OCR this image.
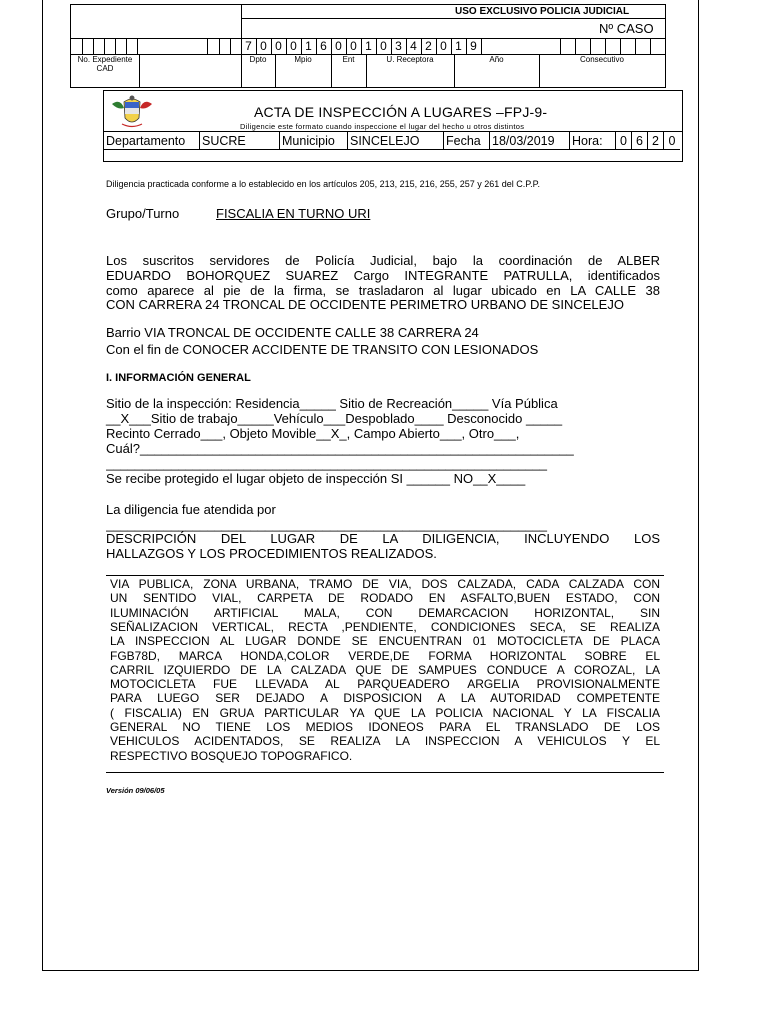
USO EXCLUSIVO POLICIA JUDICIAL
Nº CASO
7 0 0 0 1 6 0 0 1 0 3 4 2 0 1 9
No. Expediente CAD
Dpto	Mpio	Ent	U. Receptora	Año	Consecutivo
ACTA DE INSPECCIÓN A LUGARES –FPJ-9-
Diligencie este formato cuando inspeccione el lugar del hecho u otros distintos
Departamento	SUCRE	Municipio	SINCELEJO	Fecha 18/03/2019	Hora:	0 6 2 0
Diligencia practicada conforme a lo establecido en los artículos 205, 213, 215, 216, 255, 257 y 261 del C.P.P.
Grupo/Turno	FISCALIA EN TURNO URI
Los suscritos servidores de Policía Judicial, bajo la coordinación de ALBER
EDUARDO BOHORQUEZ SUAREZ Cargo INTEGRANTE PATRULLA, identificados
como aparece al pie de la firma, se trasladaron al lugar ubicado en LA CALLE 38
CON CARRERA 24 TRONCAL DE OCCIDENTE PERIMETRO URBANO DE SINCELEJO
Barrio VIA TRONCAL DE OCCIDENTE CALLE 38 CARRERA 24
Con el fin de CONOCER ACCIDENTE DE TRANSITO CON LESIONADOS
I. INFORMACIÓN GENERAL
Sitio de la inspección: Residencia_____ Sitio de Recreación_____ Vía Pública
__X___Sitio de trabajo_____Vehículo___Despoblado____ Desconocido _____
Recinto Cerrado___, Objeto Movible__X_, Campo Abierto___, Otro___,
Cuál?____________________________________________________________
_____________________________________________________________
Se recibe protegido el lugar objeto de inspección SI ______ NO__X____
La diligencia fue atendida por
_____________________________________________________________
DESCRIPCIÓN DEL LUGAR DE LA DILIGENCIA, INCLUYENDO LOS
HALLAZGOS Y LOS PROCEDIMIENTOS REALIZADOS.
VIA PUBLICA, ZONA URBANA, TRAMO DE VIA, DOS CALZADA, CADA CALZADA CON
UN SENTIDO VIAL, CARPETA DE RODADO EN ASFALTO,BUEN ESTADO, CON
ILUMINACIÓN ARTIFICIAL MALA, CON DEMARCACION HORIZONTAL, SIN
SEÑALIZACION VERTICAL, RECTA ,PENDIENTE, CONDICIONES SECA, SE REALIZA
LA INSPECCION AL LUGAR DONDE SE ENCUENTRAN 01 MOTOCICLETA DE PLACA
FGB78D, MARCA HONDA,COLOR VERDE,DE FORMA HORIZONTAL SOBRE EL
CARRIL IZQUIERDO DE LA CALZADA QUE DE SAMPUES CONDUCE A COROZAL, LA
MOTOCICLETA FUE LLEVADA AL PARQUEADERO ARGELIA PROVISIONALMENTE
PARA LUEGO SER DEJADO A DISPOSICION A LA AUTORIDAD COMPETENTE
( FISCALIA) EN GRUA PARTICULAR YA QUE LA POLICIA NACIONAL Y LA FISCALIA
GENERAL NO TIENE LOS MEDIOS IDONEOS PARA EL TRANSLADO DE LOS
VEHICULOS ACIDENTADOS, SE REALIZA LA INSPECCION A VEHICULOS Y EL
RESPECTIVO BOSQUEJO TOPOGRAFICO.
Versión 09/06/05
